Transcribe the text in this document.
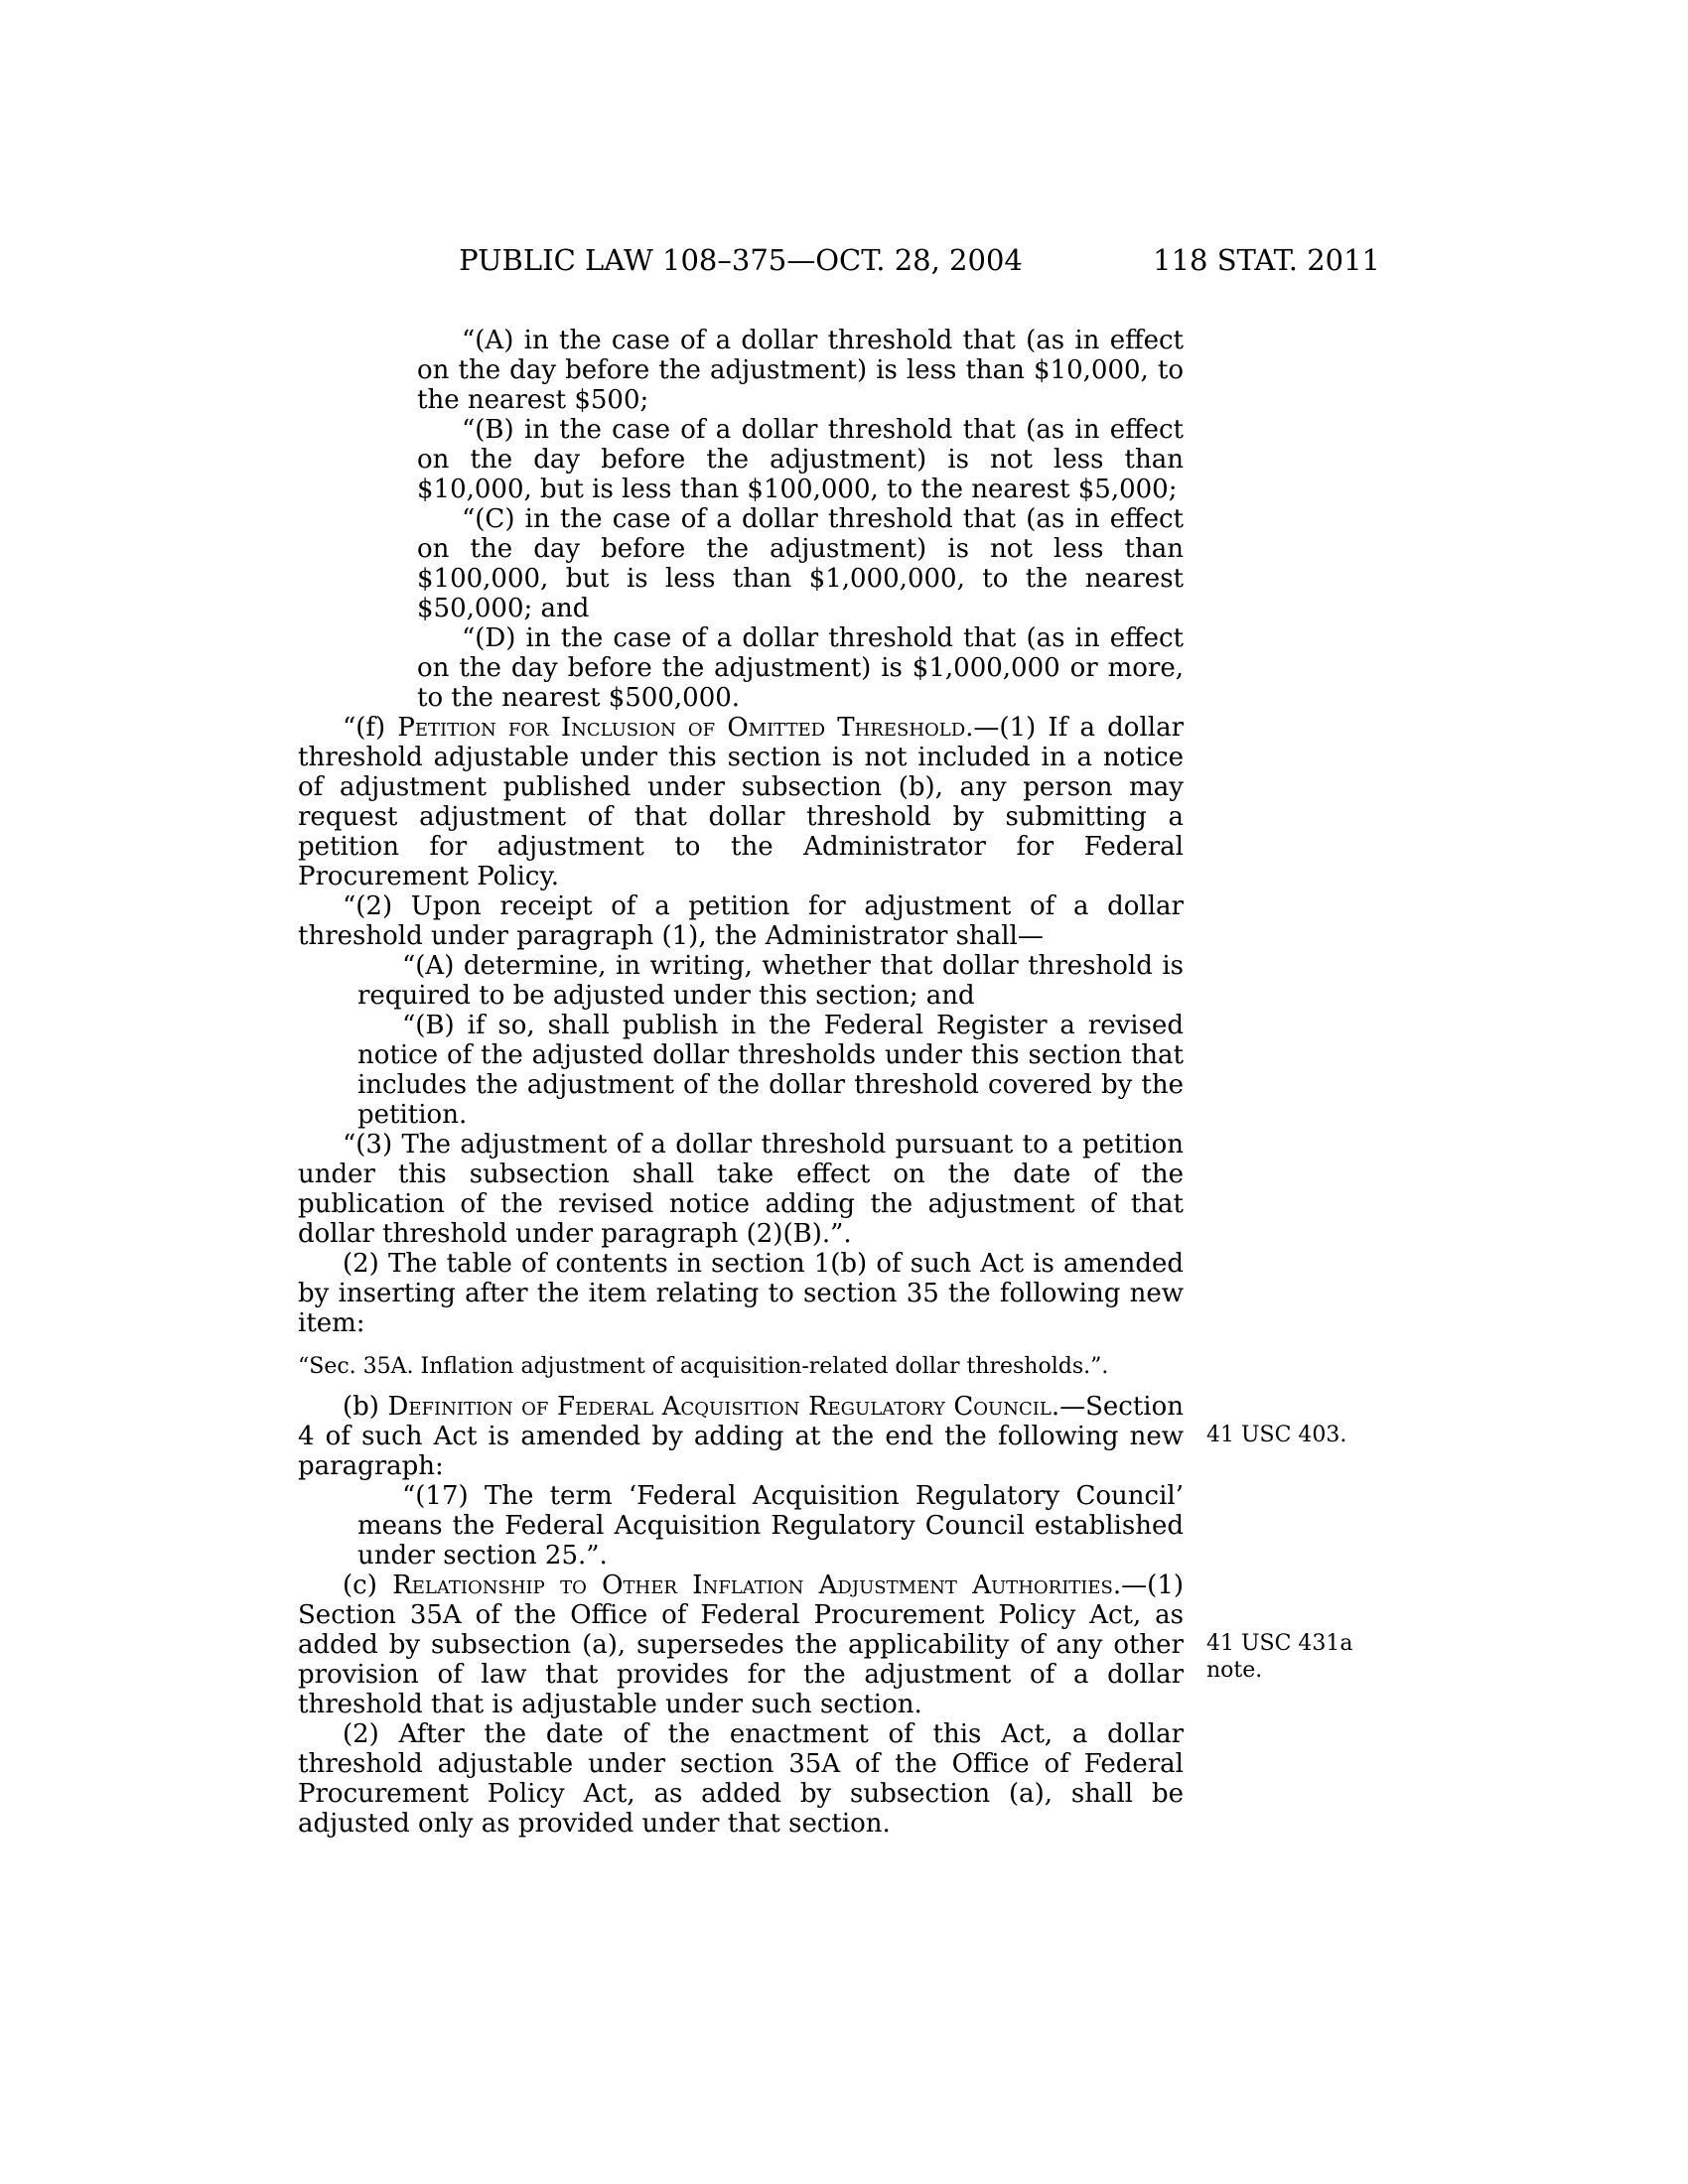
PUBLIC LAW 108–375—OCT. 28, 2004	118 STAT. 2011

“(A) in the case of a dollar threshold that (as in effect on the day before the adjustment) is less than $10,000, to the nearest $500;

“(B) in the case of a dollar threshold that (as in effect on the day before the adjustment) is not less than $10,000, but is less than $100,000, to the nearest $5,000;

“(C) in the case of a dollar threshold that (as in effect on the day before the adjustment) is not less than $100,000, but is less than $1,000,000, to the nearest $50,000; and

“(D) in the case of a dollar threshold that (as in effect on the day before the adjustment) is $1,000,000 or more, to the nearest $500,000.

“(f) Petition for Inclusion of Omitted Threshold.—(1) If a dollar threshold adjustable under this section is not included in a notice of adjustment published under subsection (b), any person may request adjustment of that dollar threshold by submitting a petition for adjustment to the Administrator for Federal Procurement Policy.

“(2) Upon receipt of a petition for adjustment of a dollar threshold under paragraph (1), the Administrator shall—

“(A) determine, in writing, whether that dollar threshold is required to be adjusted under this section; and

“(B) if so, shall publish in the Federal Register a revised notice of the adjusted dollar thresholds under this section that includes the adjustment of the dollar threshold covered by the petition.

“(3) The adjustment of a dollar threshold pursuant to a petition under this subsection shall take effect on the date of the publication of the revised notice adding the adjustment of that dollar threshold under paragraph (2)(B).”.

(2) The table of contents in section 1(b) of such Act is amended by inserting after the item relating to section 35 the following new item:

“Sec. 35A. Inflation adjustment of acquisition-related dollar thresholds.”.

(b) Definition of Federal Acquisition Regulatory Council.—Section 4 of such Act is amended by adding at the end the following new paragraph:

“(17) The term ‘Federal Acquisition Regulatory Council’ means the Federal Acquisition Regulatory Council established under section 25.”.

(c) Relationship to Other Inflation Adjustment Authorities.—(1) Section 35A of the Office of Federal Procurement Policy Act, as added by subsection (a), supersedes the applicability of any other provision of law that provides for the adjustment of a dollar threshold that is adjustable under such section.

(2) After the date of the enactment of this Act, a dollar threshold adjustable under section 35A of the Office of Federal Procurement Policy Act, as added by subsection (a), shall be adjusted only as provided under that section.

41 USC 403.
41 USC 431a note.
